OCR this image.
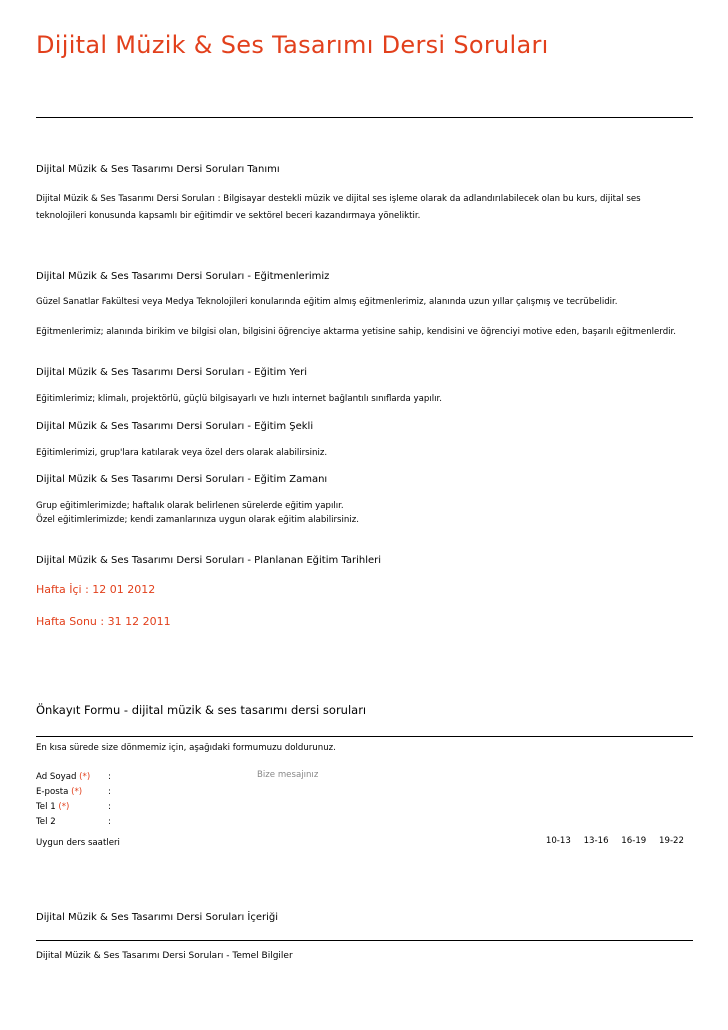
Dijital Müzik & Ses Tasarımı Dersi Soruları
Dijital Müzik & Ses Tasarımı Dersi Soruları Tanımı

Dijital Müzik & Ses Tasarımı Dersi Soruları : Bilgisayar destekli müzik ve dijital ses işleme olarak da adlandırılabilecek olan bu kurs, dijital ses teknolojileri konusunda kapsamlı bir eğitimdir ve sektörel beceri kazandırmaya yöneliktir.

Dijital Müzik & Ses Tasarımı Dersi Soruları - Eğitmenlerimiz

Güzel Sanatlar Fakültesi veya Medya Teknolojileri konularında eğitim almış eğitmenlerimiz, alanında uzun yıllar çalışmış ve tecrübelidir.

Eğitmenlerimiz; alanında birikim ve bilgisi olan, bilgisini öğrenciye aktarma yetisine sahip, kendisini ve öğrenciyi motive eden, başarılı eğitmenlerdir.

Dijital Müzik & Ses Tasarımı Dersi Soruları - Eğitim Yeri

Eğitimlerimiz; klimalı, projektörlü, güçlü bilgisayarlı ve hızlı internet bağlantılı sınıflarda yapılır.

Dijital Müzik & Ses Tasarımı Dersi Soruları - Eğitim Şekli

Eğitimlerimizi, grup'lara katılarak veya özel ders olarak alabilirsiniz.

Dijital Müzik & Ses Tasarımı Dersi Soruları - Eğitim Zamanı

Grup eğitimlerimizde; haftalık olarak belirlenen sürelerde eğitim yapılır.

Özel eğitimlerimizde; kendi zamanlarınıza uygun olarak eğitim alabilirsiniz.

Dijital Müzik & Ses Tasarımı Dersi Soruları - Planlanan Eğitim Tarihleri
Hafta İçi : 12 01 2012
Hafta Sonu : 31 12 2011
Önkayıt Formu - dijital müzik & ses tasarımı dersi soruları

En kısa sürede size dönmemiz için, aşağıdaki formumuzu doldurunuz.

Ad Soyad (*) :
E-posta (*)	:
Tel 1 (*)	:
Tel 2	:
Bize mesajınız
Uygun ders saatleri	10-13 13-16 16-19 19-22
Dijital Müzik & Ses Tasarımı Dersi Soruları İçeriği
Dijital Müzik & Ses Tasarımı Dersi Soruları - Temel Bilgiler
